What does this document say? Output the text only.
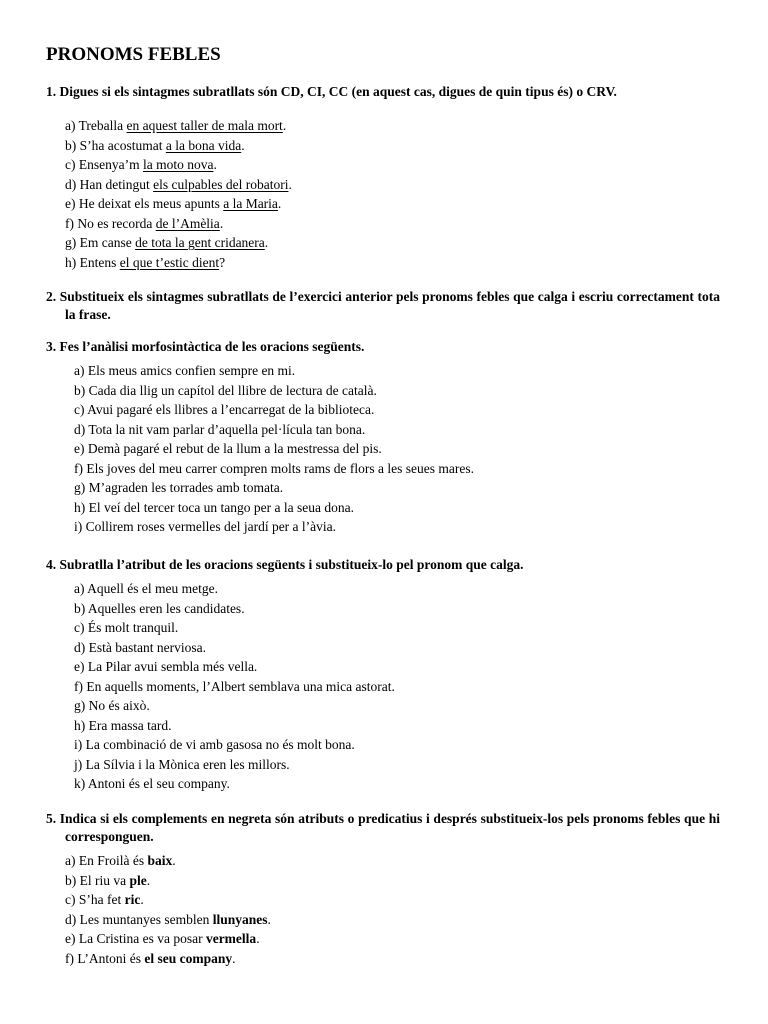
PRONOMS FEBLES

1. Digues si els sintagmes subratllats són CD, CI, CC (en aquest cas, digues de quin tipus és) o CRV.

a) Treballa en aquest taller de mala mort.
b) S’ha acostumat a la bona vida.
c) Ensenya’m la moto nova.
d) Han detingut els culpables del robatori.
e) He deixat els meus apunts a la Maria.
f) No es recorda de l’Amèlia.
g) Em canse de tota la gent cridanera.
h) Entens el que t’estic dient?

2. Substitueix els sintagmes subratllats de l’exercici anterior pels pronoms febles que calga i escriu correctament tota la frase.

3. Fes l’anàlisi morfosintàctica de les oracions següents.

a) Els meus amics confien sempre en mi.
b) Cada dia llig un capítol del llibre de lectura de català.
c) Avui pagaré els llibres a l’encarregat de la biblioteca.
d) Tota la nit vam parlar d’aquella pel·lícula tan bona.
e) Demà pagaré el rebut de la llum a la mestressa del pis.
f) Els joves del meu carrer compren molts rams de flors a les seues mares.
g) M’agraden les torrades amb tomata.
h) El veí del tercer toca un tango per a la seua dona.
i) Collirem roses vermelles del jardí per a l’àvia.

4. Subratlla l’atribut de les oracions següents i substitueix-lo pel pronom que calga.

a) Aquell és el meu metge.
b) Aquelles eren les candidates.
c) És molt tranquil.
d) Està bastant nerviosa.
e) La Pilar avui sembla més vella.
f) En aquells moments, l’Albert semblava una mica astorat.
g) No és això.
h) Era massa tard.
i) La combinació de vi amb gasosa no és molt bona.
j) La Sílvia i la Mònica eren les millors.
k) Antoni és el seu company.

5. Indica si els complements en negreta són atributs o predicatius i després substitueix-los pels pronoms febles que hi corresponguen.

a) En Froilà és baix.
b) El riu va ple.
c) S’ha fet ric.
d) Les muntanyes semblen llunyanes.
e) La Cristina es va posar vermella.
f) L’Antoni és el seu company.
